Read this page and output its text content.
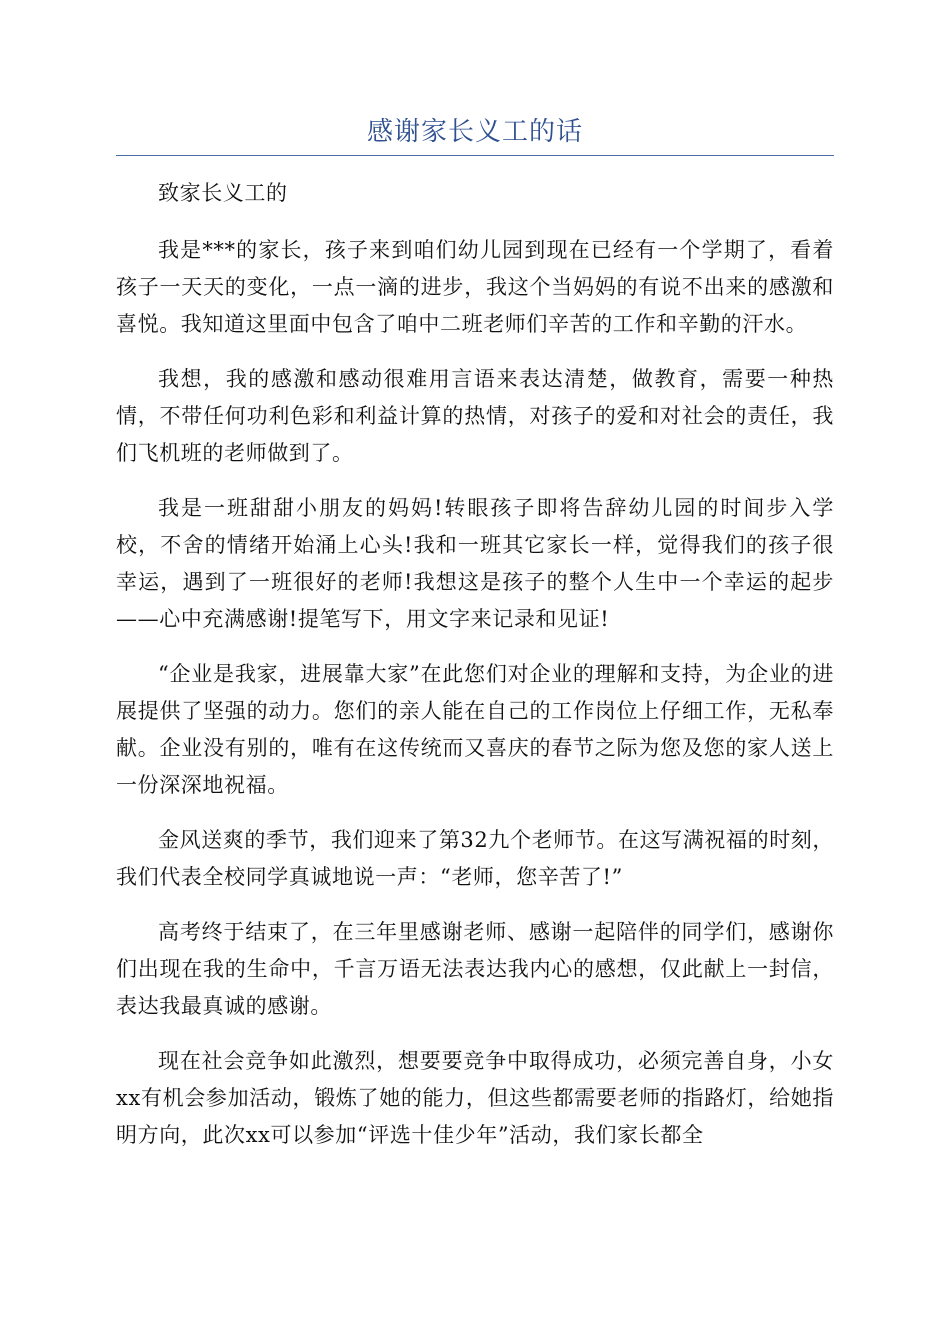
感谢家长义工的话

致家长义工的

我是***的家长，孩子来到咱们幼儿园到现在已经有一个学期了，看着孩子一天天的变化，一点一滴的进步，我这个当妈妈的有说不出来的感激和喜悦。我知道这里面中包含了咱中二班老师们辛苦的工作和辛勤的汗水。

我想，我的感激和感动很难用言语来表达清楚，做教育，需要一种热情，不带任何功利色彩和利益计算的热情，对孩子的爱和对社会的责任，我们飞机班的老师做到了。

我是一班甜甜小朋友的妈妈!转眼孩子即将告辞幼儿园的时间步入学校，不舍的情绪开始涌上心头!我和一班其它家长一样，觉得我们的孩子很幸运，遇到了一班很好的老师!我想这是孩子的整个人生中一个幸运的起步——心中充满感谢!提笔写下，用文字来记录和见证!

“企业是我家，进展靠大家”在此您们对企业的理解和支持，为企业的进展提供了坚强的动力。您们的亲人能在自己的工作岗位上仔细工作，无私奉献。企业没有别的，唯有在这传统而又喜庆的春节之际为您及您的家人送上一份深深地祝福。

金风送爽的季节，我们迎来了第32九个老师节。在这写满祝福的时刻，我们代表全校同学真诚地说一声：“老师，您辛苦了!”

高考终于结束了，在三年里感谢老师、感谢一起陪伴的同学们，感谢你们出现在我的生命中，千言万语无法表达我内心的感想，仅此献上一封信，表达我最真诚的感谢。

现在社会竞争如此激烈，想要要竞争中取得成功，必须完善自身，小女xx有机会参加活动，锻炼了她的能力，但这些都需要老师的指路灯，给她指明方向，此次xx可以参加“评选十佳少年”活动，我们家长都全
